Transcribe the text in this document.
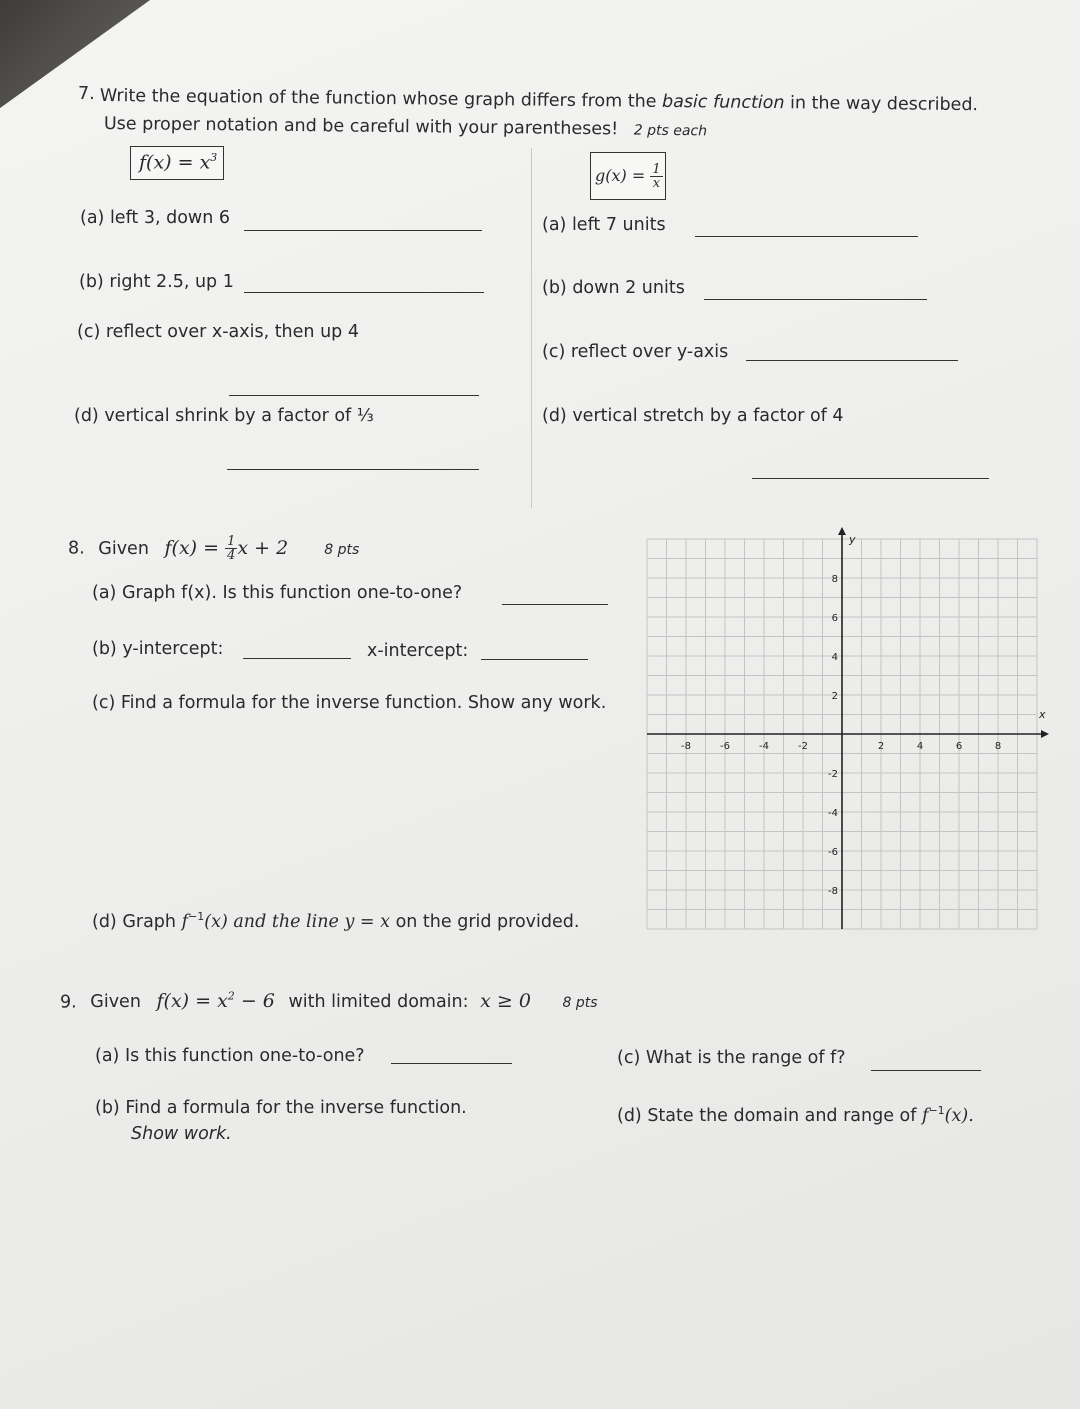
7. Write the equation of the function whose graph differs from the basic function in the way described.
Use proper notation and be careful with your parentheses! 2 pts each
$f(x) = x^3$
$g(x) = \frac{1}{x}$
(a) left 3, down 6
(b) right 2.5, up 1
(c) reflect over x-axis, then up 4
(d) vertical shrink by a factor of ⅓
(a) left 7 units
(b) down 2 units
(c) reflect over y-axis
(d) vertical stretch by a factor of 4
8. Given $f(x) = \frac{1}{4}$ x + 2	8 pts
(a) Graph f(x). Is this function one-to-one?
(b) y-intercept:	x-intercept:
(c) Find a formula for the inverse function. Show any work.
(d) Graph $f^{-1}(x)$ and the line y = x on the grid provided.
x
y
-8	-6	-4	-2	2	4	6	8
8
6
4
2
-2
-4
-6
-8
9. Given $f(x) = x^2 - 6$ with limited domain: x ≥ 0 8 pts
(a) Is this function one-to-one?
(b) Find a formula for the inverse function.
Show work.
(c) What is the range of f?
(d) State the domain and range of $f^{-1}(x)$.
